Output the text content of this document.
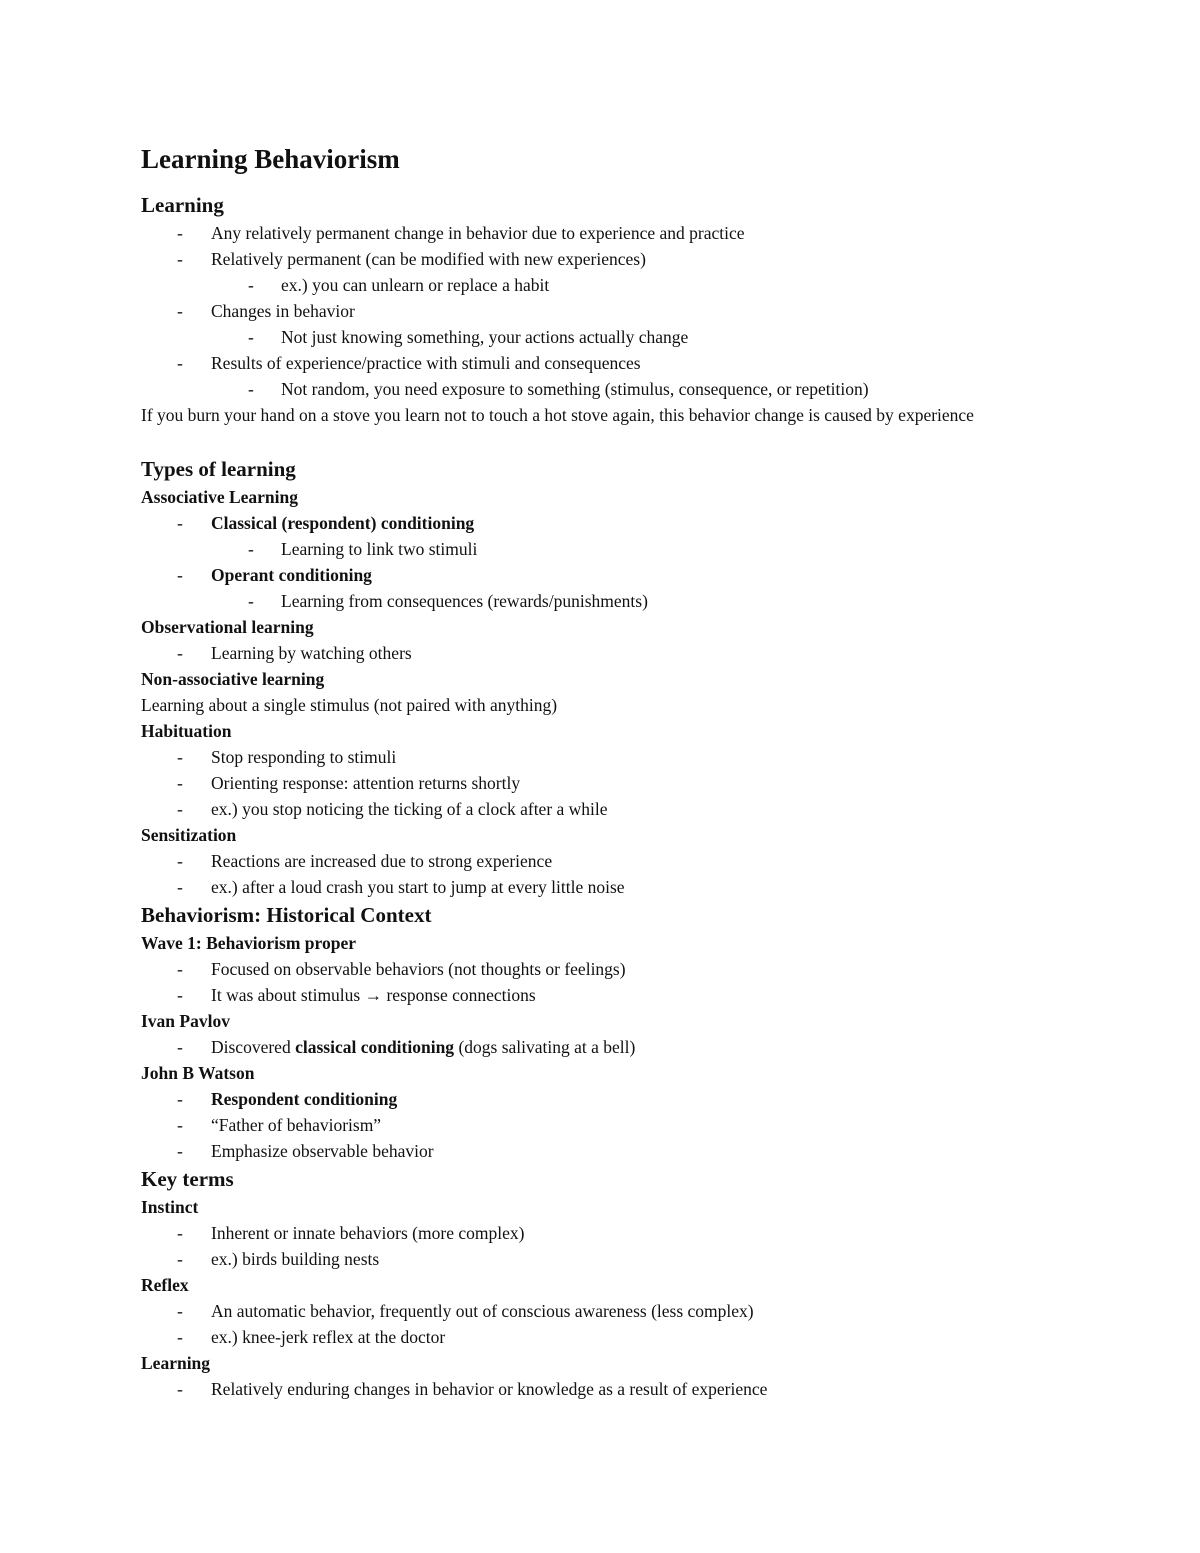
Learning Behaviorism
Learning
- Any relatively permanent change in behavior due to experience and practice
- Relatively permanent (can be modified with new experiences)
- ex.) you can unlearn or replace a habit
- Changes in behavior
- Not just knowing something, your actions actually change
- Results of experience/practice with stimuli and consequences
- Not random, you need exposure to something (stimulus, consequence, or repetition)
If you burn your hand on a stove you learn not to touch a hot stove again, this behavior change is caused by experience
Types of learning
Associative Learning
- Classical (respondent) conditioning
- Learning to link two stimuli
- Operant conditioning
- Learning from consequences (rewards/punishments)
Observational learning
- Learning by watching others
Non-associative learning
Learning about a single stimulus (not paired with anything)
Habituation
- Stop responding to stimuli
- Orienting response: attention returns shortly
- ex.) you stop noticing the ticking of a clock after a while
Sensitization
- Reactions are increased due to strong experience
- ex.) after a loud crash you start to jump at every little noise
Behaviorism: Historical Context
Wave 1: Behaviorism proper
- Focused on observable behaviors (not thoughts or feelings)
- It was about stimulus → response connections
Ivan Pavlov
- Discovered classical conditioning (dogs salivating at a bell)
John B Watson
- Respondent conditioning
- “Father of behaviorism”
- Emphasize observable behavior
Key terms
Instinct
- Inherent or innate behaviors (more complex)
- ex.) birds building nests
Reflex
- An automatic behavior, frequently out of conscious awareness (less complex)
- ex.) knee-jerk reflex at the doctor
Learning
- Relatively enduring changes in behavior or knowledge as a result of experience
